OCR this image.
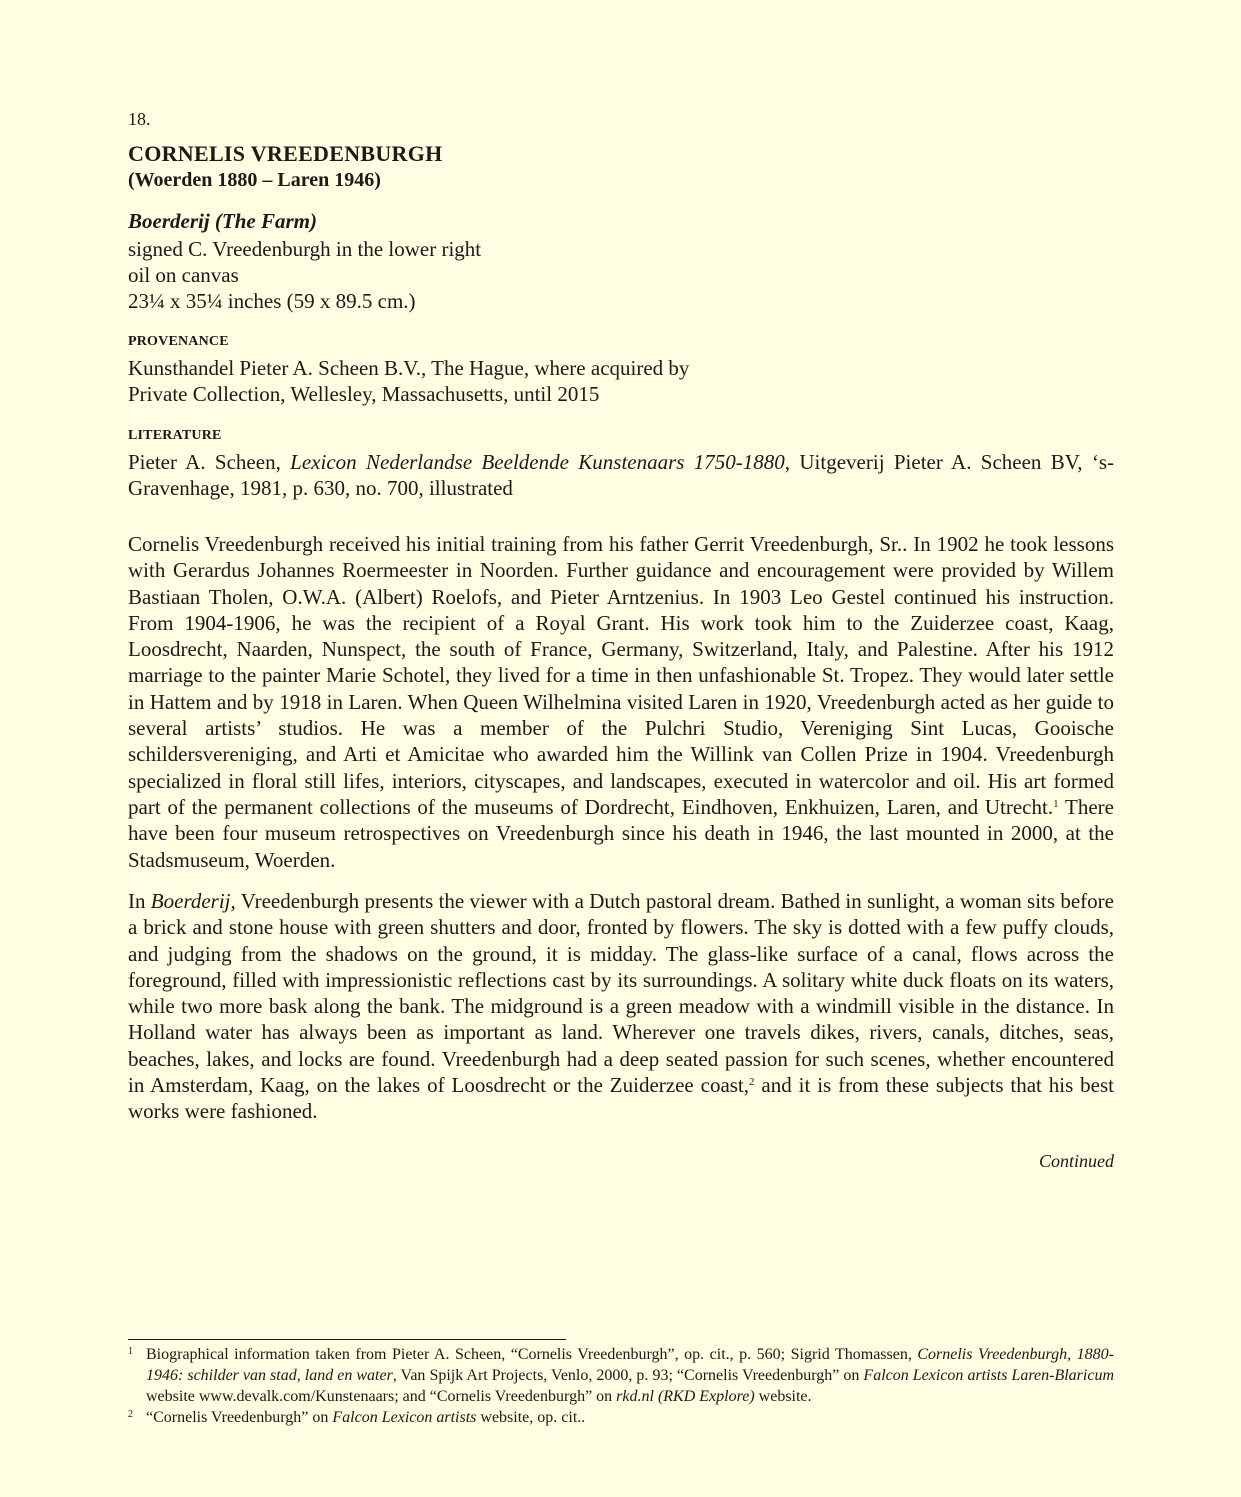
18.
CORNELIS VREEDENBURGH
(Woerden 1880 – Laren 1946)
Boerderij (The Farm)
signed C. Vreedenburgh in the lower right
oil on canvas
23¼ x 35¼ inches (59 x 89.5 cm.)
PROVENANCE
Kunsthandel Pieter A. Scheen B.V., The Hague, where acquired by
Private Collection, Wellesley, Massachusetts, until 2015
LITERATURE
Pieter A. Scheen, Lexicon Nederlandse Beeldende Kunstenaars 1750-1880, Uitgeverij Pieter A. Scheen BV, ‘s-Gravenhage, 1981, p. 630, no. 700, illustrated

Cornelis Vreedenburgh received his initial training from his father Gerrit Vreedenburgh, Sr.. In 1902 he took lessons with Gerardus Johannes Roermeester in Noorden. Further guidance and encouragement were provided by Willem Bastiaan Tholen, O.W.A. (Albert) Roelofs, and Pieter Arntzenius. In 1903 Leo Gestel continued his instruction. From 1904-1906, he was the recipient of a Royal Grant. His work took him to the Zuiderzee coast, Kaag, Loosdrecht, Naarden, Nunspect, the south of France, Germany, Switzerland, Italy, and Palestine. After his 1912 marriage to the painter Marie Schotel, they lived for a time in then unfashionable St. Tropez. They would later settle in Hattem and by 1918 in Laren. When Queen Wilhelmina visited Laren in 1920, Vreedenburgh acted as her guide to several artists’ studios. He was a member of the Pulchri Studio, Vereniging Sint Lucas, Gooische schildersvereniging, and Arti et Amicitae who awarded him the Willink van Collen Prize in 1904. Vreedenburgh specialized in floral still lifes, interiors, cityscapes, and landscapes, executed in watercolor and oil. His art formed part of the permanent collections of the museums of Dordrecht, Eindhoven, Enkhuizen, Laren, and Utrecht.$^1$ There have been four museum retrospectives on Vreedenburgh since his death in 1946, the last mounted in 2000, at the Stadsmuseum, Woerden.

In Boerderij, Vreedenburgh presents the viewer with a Dutch pastoral dream. Bathed in sunlight, a woman sits before a brick and stone house with green shutters and door, fronted by flowers. The sky is dotted with a few puffy clouds, and judging from the shadows on the ground, it is midday. The glass-like surface of a canal, flows across the foreground, filled with impressionistic reflections cast by its surroundings. A solitary white duck floats on its waters, while two more bask along the bank. The midground is a green meadow with a windmill visible in the distance. In Holland water has always been as important as land. Wherever one travels dikes, rivers, canals, ditches, seas, beaches, lakes, and locks are found. Vreedenburgh had a deep seated passion for such scenes, whether encountered in Amsterdam, Kaag, on the lakes of Loosdrecht or the Zuiderzee coast,$^2$ and it is from these subjects that his best works were fashioned.

Continued
1 Biographical information taken from Pieter A. Scheen, “Cornelis Vreedenburgh”, op. cit., p. 560; Sigrid Thomassen, Cornelis Vreedenburgh, 1880-1946: schilder van stad, land en water, Van Spijk Art Projects, Venlo, 2000, p. 93; “Cornelis Vreedenburgh” on Falcon Lexicon artists Laren-Blaricum website www.devalk.com/Kunstenaars; and “Cornelis Vreedenburgh” on rkd.nl (RKD Explore) website.
2 “Cornelis Vreedenburgh” on Falcon Lexicon artists website, op. cit..
